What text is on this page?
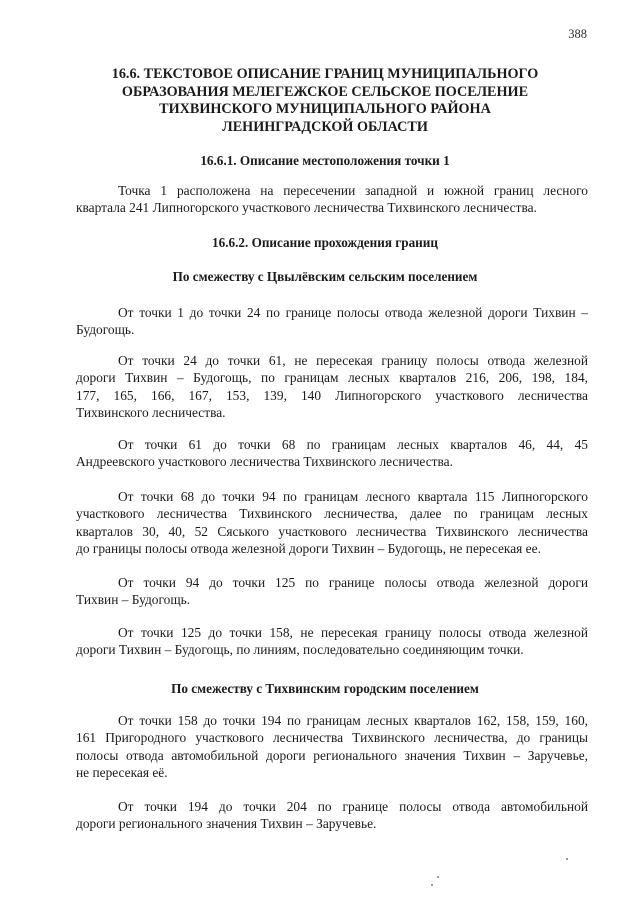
388
16.6. ТЕКСТОВОЕ ОПИСАНИЕ ГРАНИЦ МУНИЦИПАЛЬНОГО
ОБРАЗОВАНИЯ МЕЛЕГЕЖСКОЕ СЕЛЬСКОЕ ПОСЕЛЕНИЕ
ТИХВИНСКОГО МУНИЦИПАЛЬНОГО РАЙОНА
ЛЕНИНГРАДСКОЙ ОБЛАСТИ
16.6.1. Описание местоположения точки 1

Точка 1 расположена на пересечении западной и южной границ лесного
квартала 241 Липногорского участкового лесничества Тихвинского лесничества.

16.6.2. Описание прохождения границ
По смежеству с Цвылёвским сельским поселением

От точки 1 до точки 24 по границе полосы отвода железной дороги Тихвин –
Будогощь.

От точки 24 до точки 61, не пересекая границу полосы отвода железной
дороги Тихвин – Будогощь, по границам лесных кварталов 216, 206, 198, 184,
177, 165, 166, 167, 153, 139, 140 Липногорского участкового лесничества
Тихвинского лесничества.

От точки 61 до точки 68 по границам лесных кварталов 46, 44, 45
Андреевского участкового лесничества Тихвинского лесничества.

От точки 68 до точки 94 по границам лесного квартала 115 Липногорского
участкового лесничества Тихвинского лесничества, далее по границам лесных
кварталов 30, 40, 52 Сяського участкового лесничества Тихвинского лесничества
до границы полосы отвода железной дороги Тихвин – Будогощь, не пересекая ее.

От точки 94 до точки 125 по границе полосы отвода железной дороги
Тихвин – Будогощь.

От точки 125 до точки 158, не пересекая границу полосы отвода железной
дороги Тихвин – Будогощь, по линиям, последовательно соединяющим точки.

По смежеству с Тихвинским городским поселением

От точки 158 до точки 194 по границам лесных кварталов 162, 158, 159, 160,
161 Пригородного участкового лесничества Тихвинского лесничества, до границы
полосы отвода автомобильной дороги регионального значения Тихвин – Заручевье,
не пересекая её.

От точки 194 до точки 204 по границе полосы отвода автомобильной
дороги регионального значения Тихвин – Заручевье.
